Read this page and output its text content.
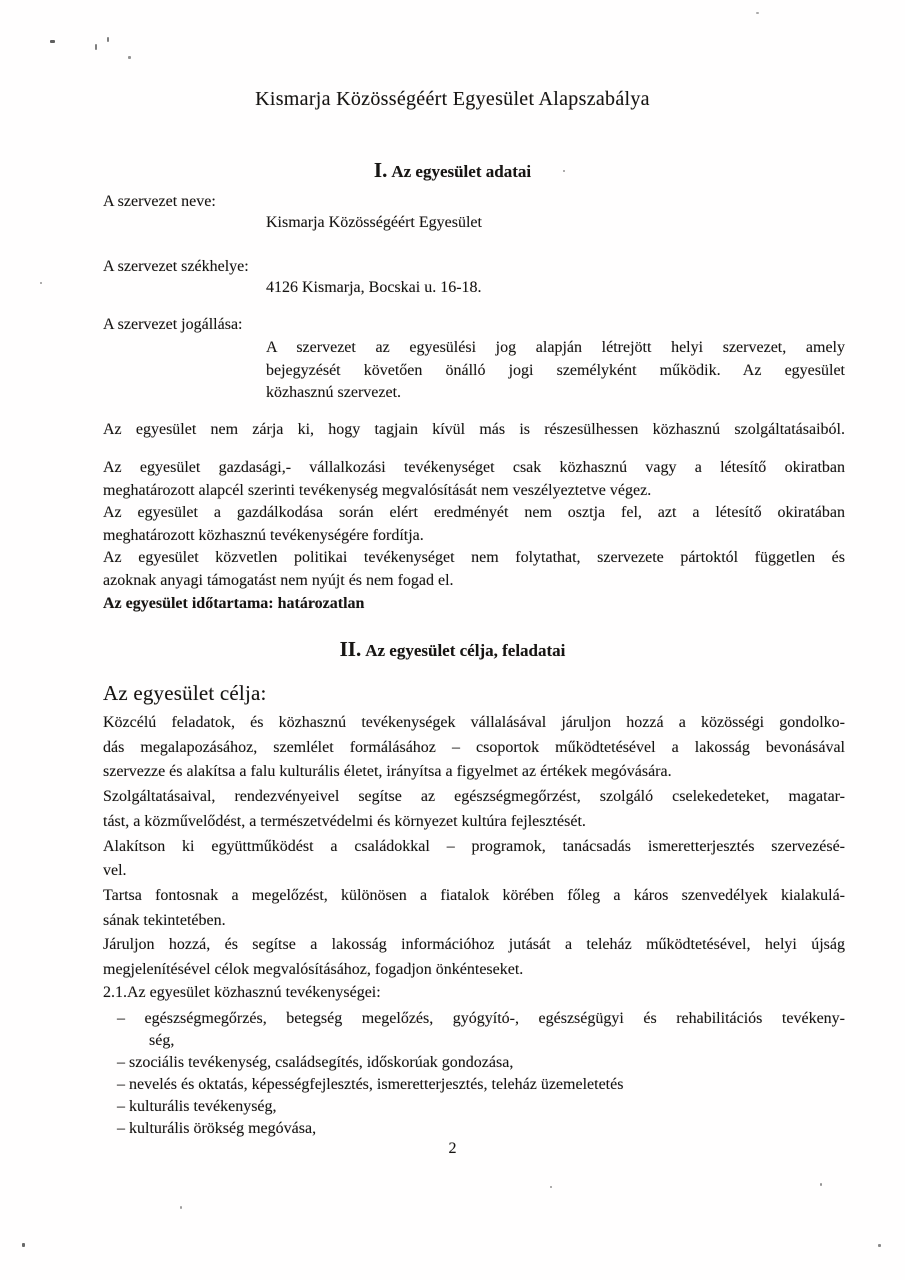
Kismarja Közösségéért Egyesület Alapszabálya
I. Az egyesület adatai
A szervezet neve:
Kismarja Közösségéért Egyesület
A szervezet székhelye:
4126 Kismarja, Bocskai u. 16-18.
A szervezet jogállása:
A szervezet az egyesülési jog alapján létrejött helyi szervezet, amely
bejegyzését követően önálló jogi személyként működik. Az egyesület
közhasznú szervezet.
Az egyesület nem zárja ki, hogy tagjain kívül más is részesülhessen közhasznú szolgáltatásaiból.
Az egyesület gazdasági,- vállalkozási tevékenységet csak közhasznú vagy a létesítő okiratban
meghatározott alapcél szerinti tevékenység megvalósítását nem veszélyeztetve végez.
Az egyesület a gazdálkodása során elért eredményét nem osztja fel, azt a létesítő okiratában
meghatározott közhasznú tevékenységére fordítja.
Az egyesület közvetlen politikai tevékenységet nem folytathat, szervezete pártoktól független és
azoknak anyagi támogatást nem nyújt és nem fogad el.
Az egyesület időtartama: határozatlan
II. Az egyesület célja, feladatai
Az egyesület célja:
Közcélú feladatok, és közhasznú tevékenységek vállalásával járuljon hozzá a közösségi gondolko-
dás megalapozásához, szemlélet formálásához – csoportok működtetésével a lakosság bevonásával
szervezze és alakítsa a falu kulturális életet, irányítsa a figyelmet az értékek megóvására.
Szolgáltatásaival, rendezvényeivel segítse az egészségmegőrzést, szolgáló cselekedeteket, magatar-
tást, a közművelődést, a természetvédelmi és környezet kultúra fejlesztését.
Alakítson ki együttműködést a családokkal – programok, tanácsadás ismeretterjesztés szervezésé-
vel.
Tartsa fontosnak a megelőzést, különösen a fiatalok körében főleg a káros szenvedélyek kialakulá-
sának tekintetében.
Járuljon hozzá, és segítse a lakosság információhoz jutását a teleház működtetésével, helyi újság
megjelenítésével célok megvalósításához, fogadjon önkénteseket.
2.1.Az egyesület közhasznú tevékenységei:
– egészségmegőrzés, betegség megelőzés, gyógyító-, egészségügyi és rehabilitációs tevékeny-
ség,
– szociális tevékenység, családsegítés, időskorúak gondozása,
– nevelés és oktatás, képességfejlesztés, ismeretterjesztés, teleház üzemeletetés
– kulturális tevékenység,
– kulturális örökség megóvása,
2
